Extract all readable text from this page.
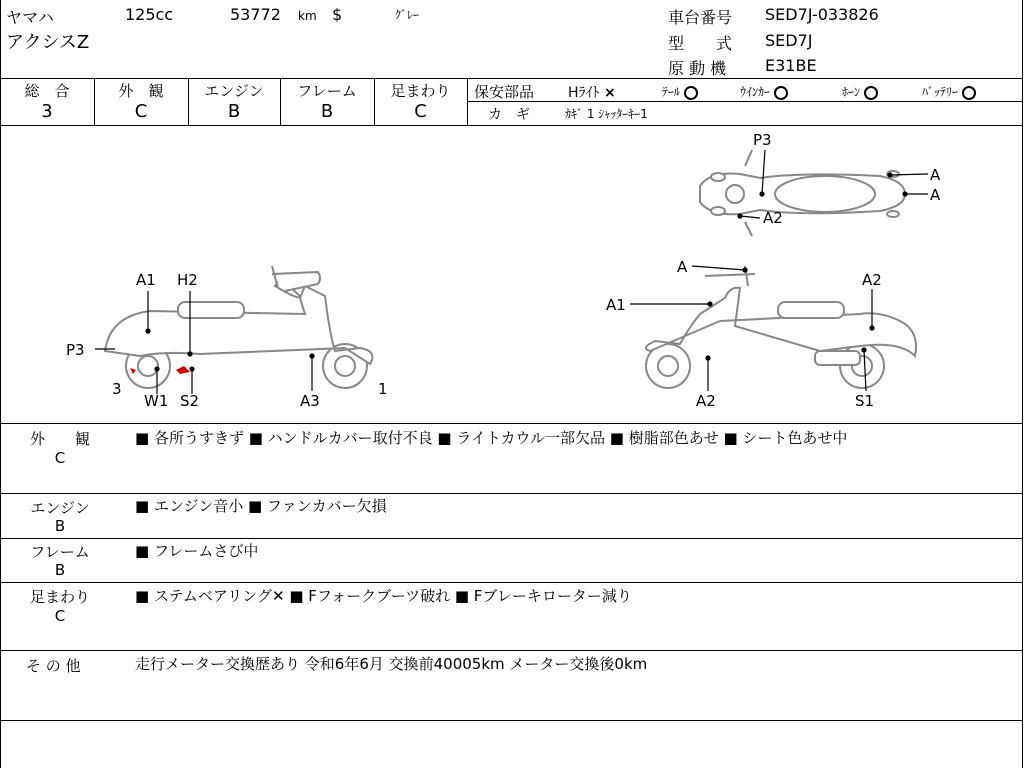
ヤマハ	125cc	53772 km $	ｸﾞﾚｰ
アクシスZ
車台番号 SED7J-033826
型　　式 SED7J
原 動 機 E31BE
総　合
3
外　観
C
エンジン
B
フレーム
B
足まわり
C
保安部品 Hﾗｲﾄ ×	ﾃｰﾙ	ｳｲﾝｶｰ	ﾎｰﾝ	ﾊﾞｯﾃﾘｰ
カ　ギ	ｶｷﾞ 1 ｼｬｯﾀｰｷｰ1
P3
A
A
A2
A1 H2
P3
3
W1 S2	A3
1
A
A1
A2
A2	S1
外　　観
C
■ 各所うすきず ■ ハンドルカバー取付不良 ■ ライトカウル一部欠品 ■ 樹脂部色あせ ■ シート色あせ中
エンジン
B
■ エンジン音小 ■ ファンカバー欠損
フレーム
B
■ フレームさび中
足まわり
C
■ ステムベアリング✕ ■ Fフォークブーツ破れ ■ Fブレーキローター減り
そ の 他	走行メーター交換歴あり 令和6年6月 交換前40005km メーター交換後0km
